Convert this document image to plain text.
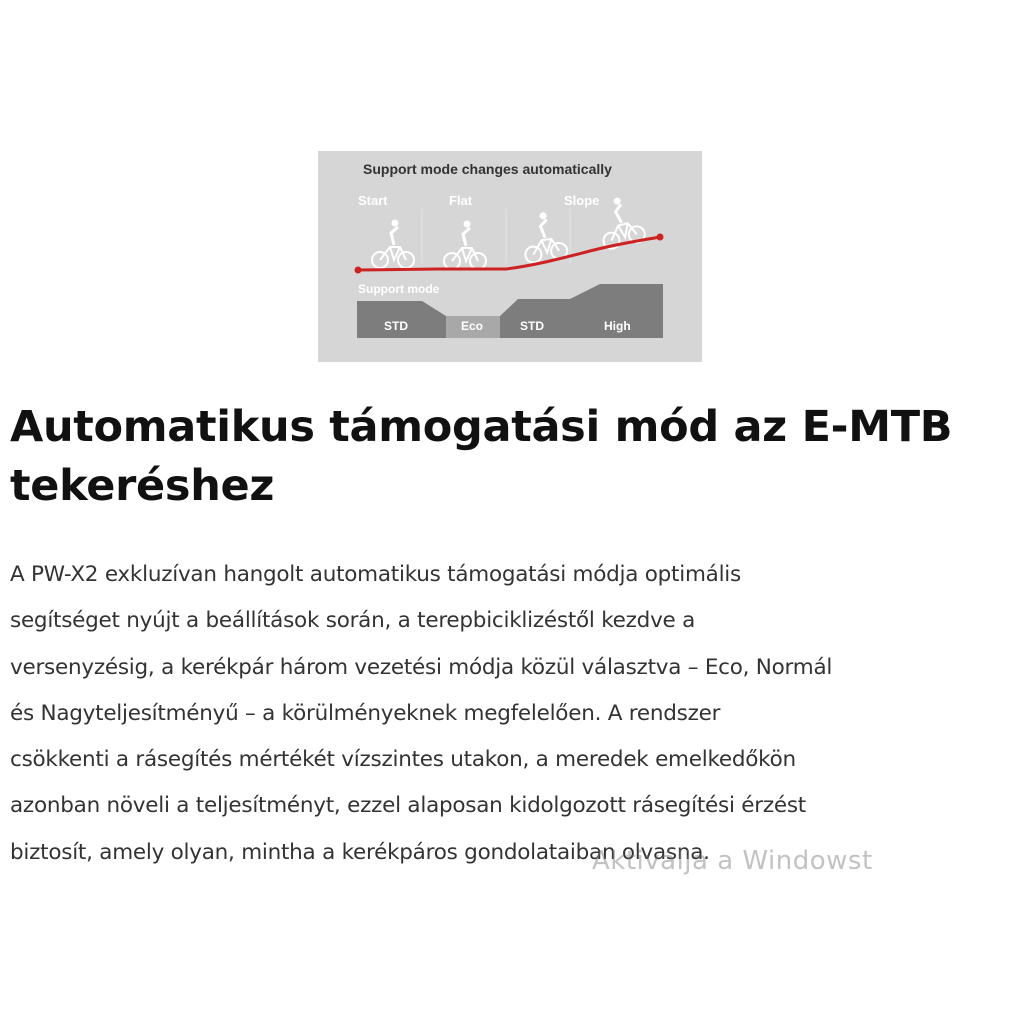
Support mode changes automatically
Start	Flat	Slope
Support mode
STD	Eco	STD	High
Automatikus támogatási mód az E-MTB tekeréshez

A PW-X2 exkluzívan hangolt automatikus támogatási módja optimális
segítséget nyújt a beállítások során, a terepbiciklizéstől kezdve a
versenyzésig, a kerékpár három vezetési módja közül választva – Eco, Normál
és Nagyteljesítményű – a körülményeknek megfelelően. A rendszer
csökkenti a rásegítés mértékét vízszintes utakon, a meredek emelkedőkön
azonban növeli a teljesítményt, ezzel alaposan kidolgozott rásegítési érzést
biztosít, amely olyan, mintha a kerékpáros gondolataiban olvasna.

Aktiválja a Windowst
